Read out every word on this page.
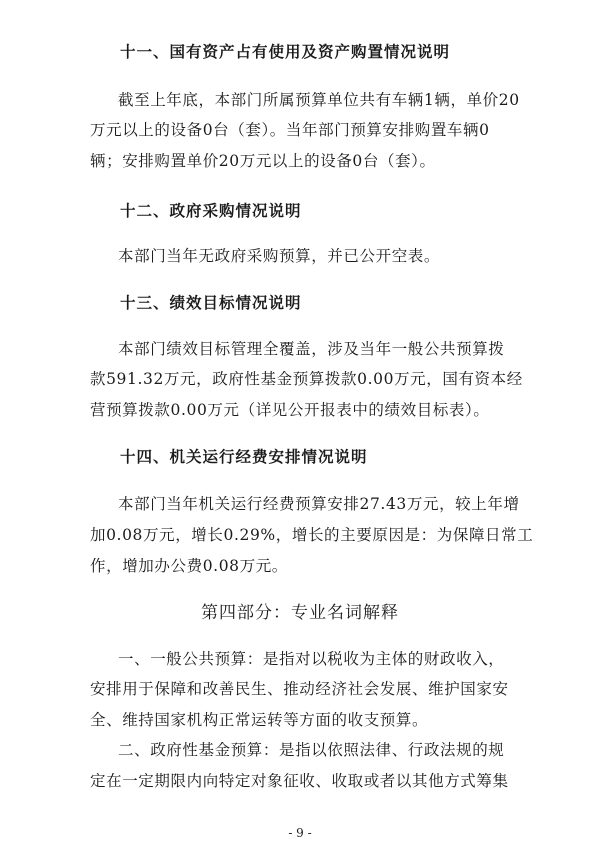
十一、国有资产占有使用及资产购置情况说明
截至上年底，本部门所属预算单位共有车辆1辆，单价20
万元以上的设备0台（套）。当年部门预算安排购置车辆0
辆；安排购置单价20万元以上的设备0台（套）。
十二、政府采购情况说明
本部门当年无政府采购预算，并已公开空表。
十三、绩效目标情况说明
本部门绩效目标管理全覆盖，涉及当年一般公共预算拨
款591.32万元，政府性基金预算拨款0.00万元，国有资本经
营预算拨款0.00万元（详见公开报表中的绩效目标表）。
十四、机关运行经费安排情况说明
本部门当年机关运行经费预算安排27.43万元，较上年增
加0.08万元，增长0.29%，增长的主要原因是：为保障日常工
作，增加办公费0.08万元。
第四部分：专业名词解释
一、一般公共预算：是指对以税收为主体的财政收入，
安排用于保障和改善民生、推动经济社会发展、维护国家安
全、维持国家机构正常运转等方面的收支预算。
二、政府性基金预算：是指以依照法律、行政法规的规
定在一定期限内向特定对象征收、收取或者以其他方式筹集
- 9 -
